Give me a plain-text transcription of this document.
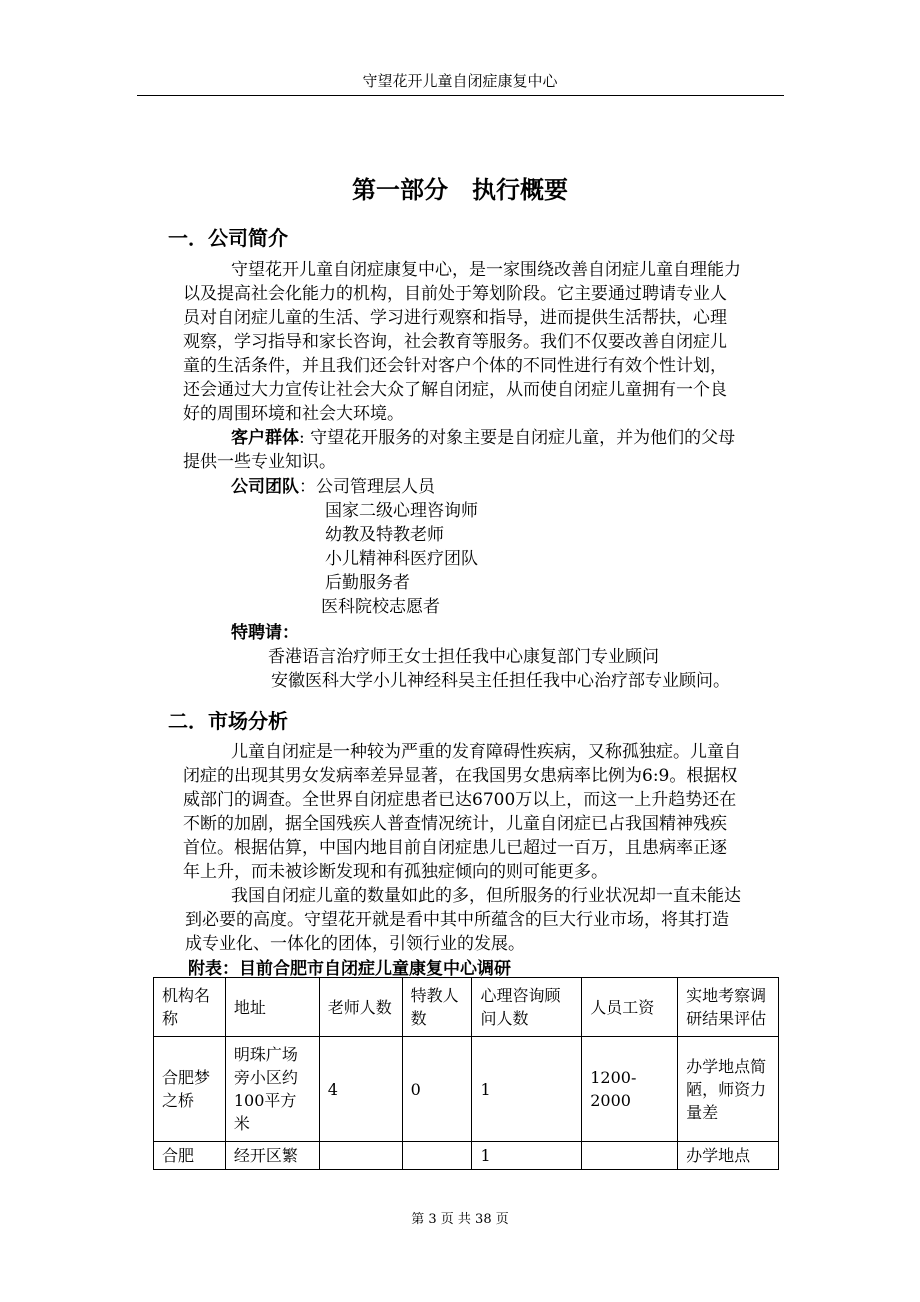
守望花开儿童自闭症康复中心
第一部分　执行概要
一．公司简介
守望花开儿童自闭症康复中心，是一家围绕改善自闭症儿童自理能力
以及提高社会化能力的机构，目前处于筹划阶段。它主要通过聘请专业人
员对自闭症儿童的生活、学习进行观察和指导，进而提供生活帮扶，心理
观察，学习指导和家长咨询，社会教育等服务。我们不仅要改善自闭症儿
童的生活条件，并且我们还会针对客户个体的不同性进行有效个性计划，
还会通过大力宣传让社会大众了解自闭症，从而使自闭症儿童拥有一个良
好的周围环境和社会大环境。
客户群体: 守望花开服务的对象主要是自闭症儿童，并为他们的父母
提供一些专业知识。
公司团队：公司管理层人员
国家二级心理咨询师
幼教及特教老师
小儿精神科医疗团队
后勤服务者
医科院校志愿者
特聘请：
香港语言治疗师王女士担任我中心康复部门专业顾问
安徽医科大学小儿神经科吴主任担任我中心治疗部专业顾问。
二．市场分析
儿童自闭症是一种较为严重的发育障碍性疾病，又称孤独症。儿童自
闭症的出现其男女发病率差异显著，在我国男女患病率比例为6:9。根据权
威部门的调查。全世界自闭症患者已达6700万以上，而这一上升趋势还在
不断的加剧，据全国残疾人普查情况统计，儿童自闭症已占我国精神残疾
首位。根据估算，中国内地目前自闭症患儿已超过一百万，且患病率正逐
年上升，而未被诊断发现和有孤独症倾向的则可能更多。
我国自闭症儿童的数量如此的多，但所服务的行业状况却一直未能达
到必要的高度。守望花开就是看中其中所蕴含的巨大行业市场，将其打造
成专业化、一体化的团体，引领行业的发展。
附表：目前合肥市自闭症儿童康复中心调研
机构名称	地址	老师人数	特教人数	心理咨询顾问人数	人员工资	实地考察调研结果评估
合肥梦之桥	明珠广场旁小区约100平方米	4	0	1	1200-2000	办学地点简陋，师资力量差
合肥	经开区繁			1		办学地点
第 3 页 共 38 页
